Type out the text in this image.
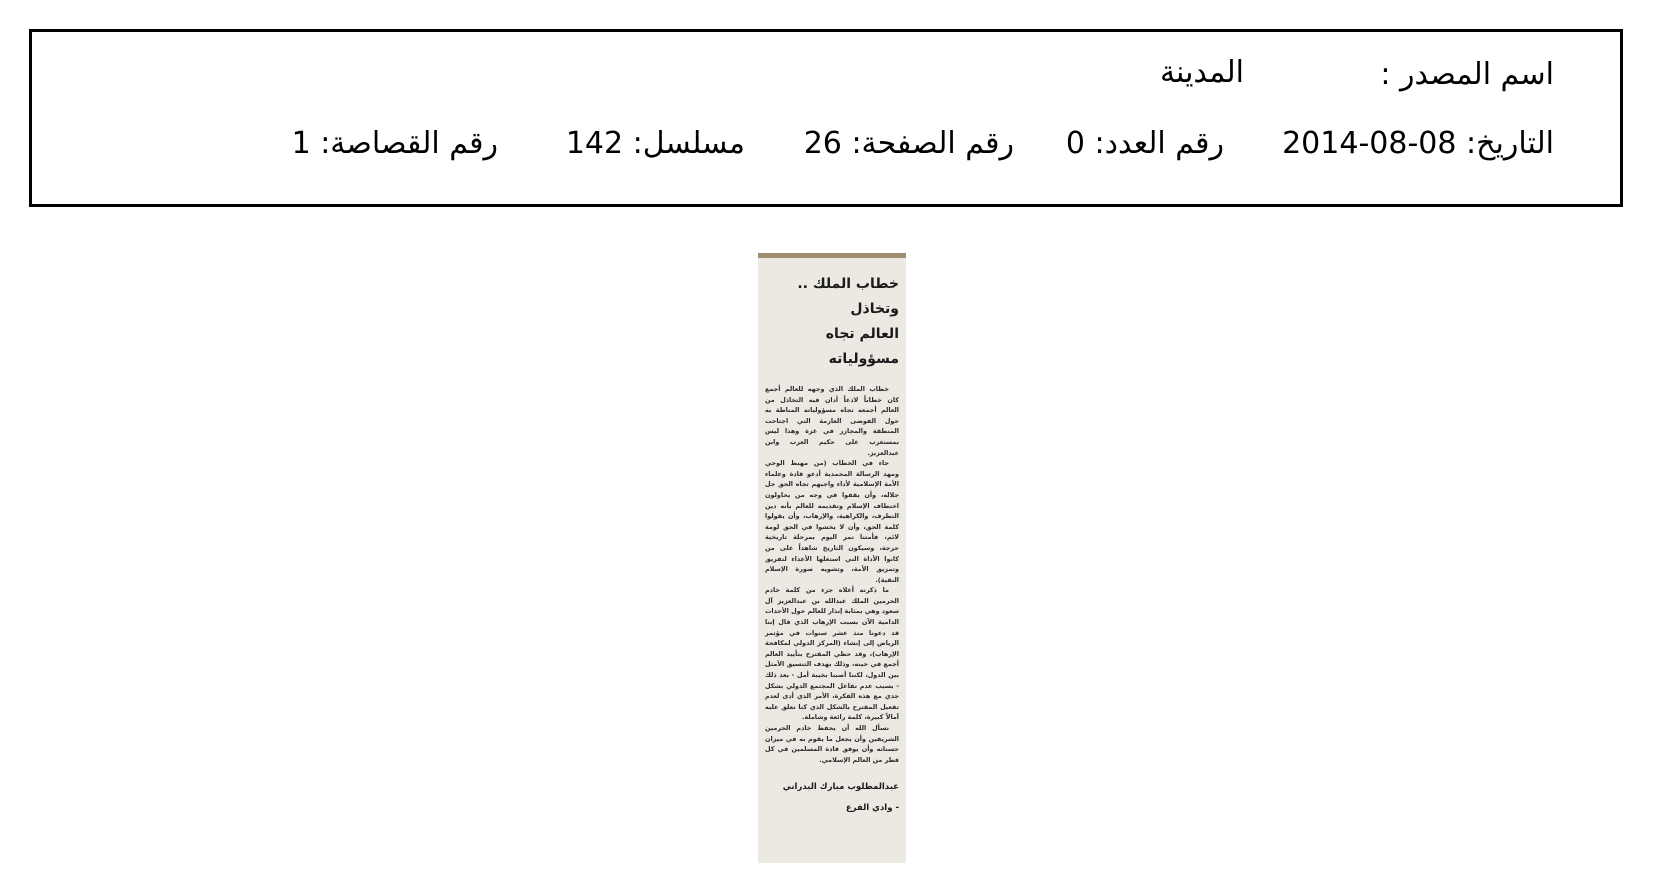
اسم المصدر :
المدينة
التاريخ: 08-08-2014
رقم العدد: 0
رقم الصفحة: 26
مسلسل: 142
رقم القصاصة: 1
خطاب الملك .. وتخاذل
العالم تجاه مسؤولياته

خطاب الملك الذي وجهه للعالم أجمع كان خطاباً لاذعاً أدان فيه التخاذل من العالم أجمعه تجاه مسؤولياته المناطة به حول الفوضى العارمة التي اجتاحت المنطقة والمجازر في غزة وهذا ليس بمستغرب على حكيم العرب وابن عبدالعزيز.

جاء في الخطاب (من مهبط الوحي ومهد الرسالة المحمدية أدعو قادة وعلماء الأمة الإسلامية لأداء واجبهم تجاه الحق جل جلاله، وأن يقفوا في وجه من يحاولون اختطاف الإسلام وتقديمه للعالم بأنه دين التطرف، والكراهية، والإرهاب، وأن يقولوا كلمة الحق، وأن لا يخشوا في الحق لومة لائم، فأمتنا تمر اليوم بمرحلة تاريخية حرجة، وسيكون التاريخ شاهداً على من كانوا الأداة التي استغلها الأعداء لتفريق وتمزيق الأمة، وتشويه صورة الإسلام النقية).

ما ذكرته أعلاه جزء من كلمة خادم الحرمين الملك عبدالله بن عبدالعزيز آل سعود وهي بمثابة إنذار للعالم حول الأحداث الدامية الآن بسبب الإرهاب الذي قال إننا قد دعونا منذ عشر سنوات في مؤتمر الرياض إلى إنشاء (المركز الدولي لمكافحة الإرهاب)، وقد حظي المقترح بتأييد العالم أجمع في حينه، وذلك بهدف التنسيق الأمثل بين الدول، لكننا أصبنا بخيبة أمل - بعد ذلك - بسبب عدم تفاعل المجتمع الدولي بشكل جدي مع هذه الفكرة، الأمر الذي أدى لعدم تفعيل المقترح بالشكل الذي كنا نعلق عليه آمالاً كبيرة، كلمة رائعة وشاملة.

نسأل الله أن يحفظ خادم الحرمين الشريفين وأن يجعل ما يقوم به في ميزان حسناته وأن يوفق قادة المسلمين في كل قطر من العالم الإسلامي.

عبدالمطلوب مبارك البدراني
- وادي الفرع
